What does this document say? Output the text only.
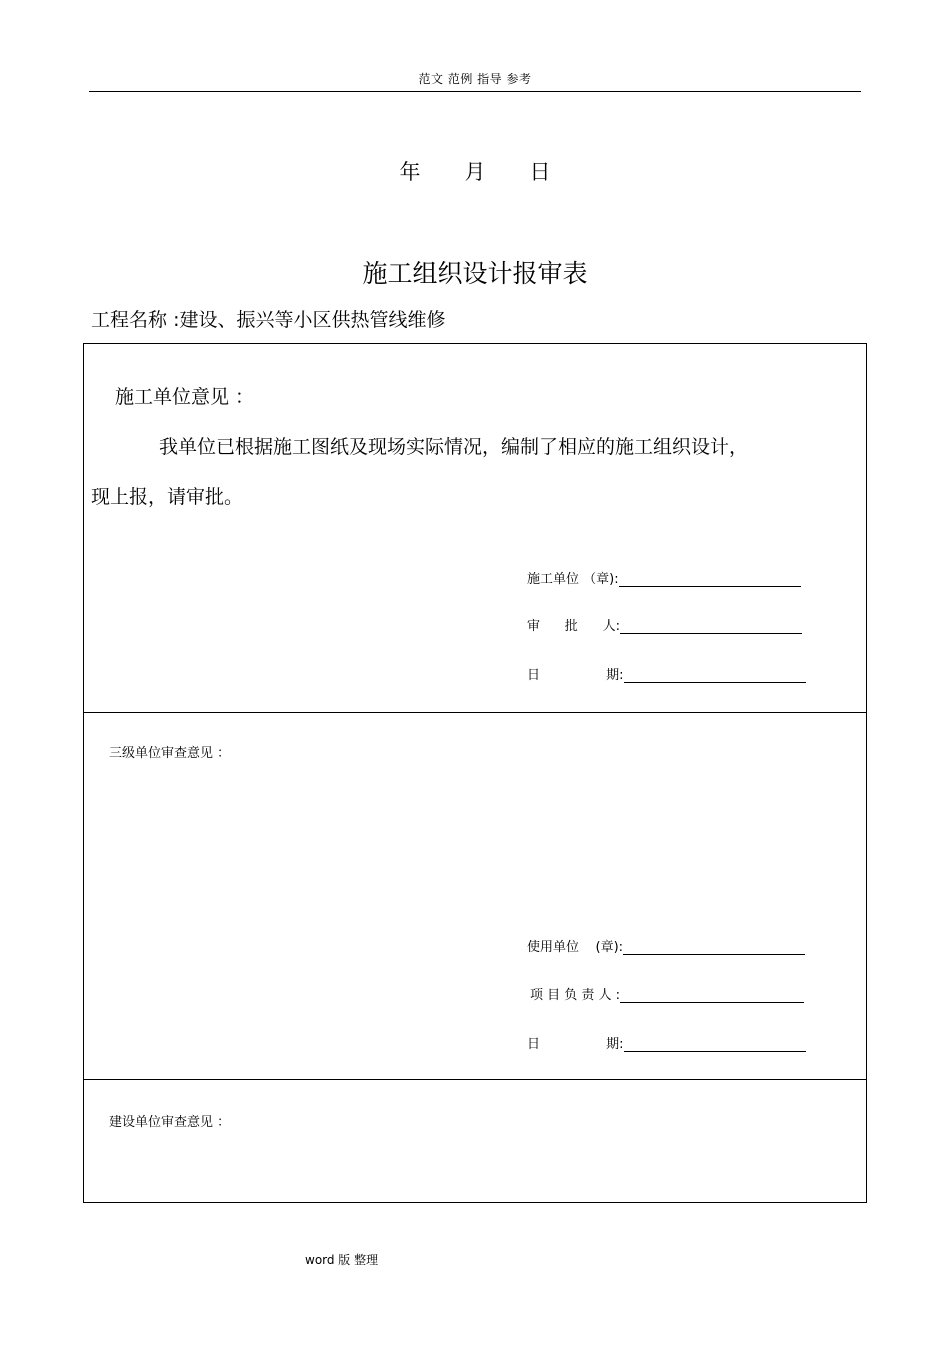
范文 范例 指导 参考
年 月 日
施工组织设计报审表
工程名称 :建设、振兴等小区供热管线维修
施工单位意见 ：
我单位已根据施工图纸及现场实际情况，编制了相应的施工组织设计，
现上报，请审批。
施工单位 （章):
审      批      人:
日                期:
三级单位审查意见 ：
使用单位    (章):
项 目 负 责 人 :
日                期:
建设单位审查意见 ：
word 版 整理
